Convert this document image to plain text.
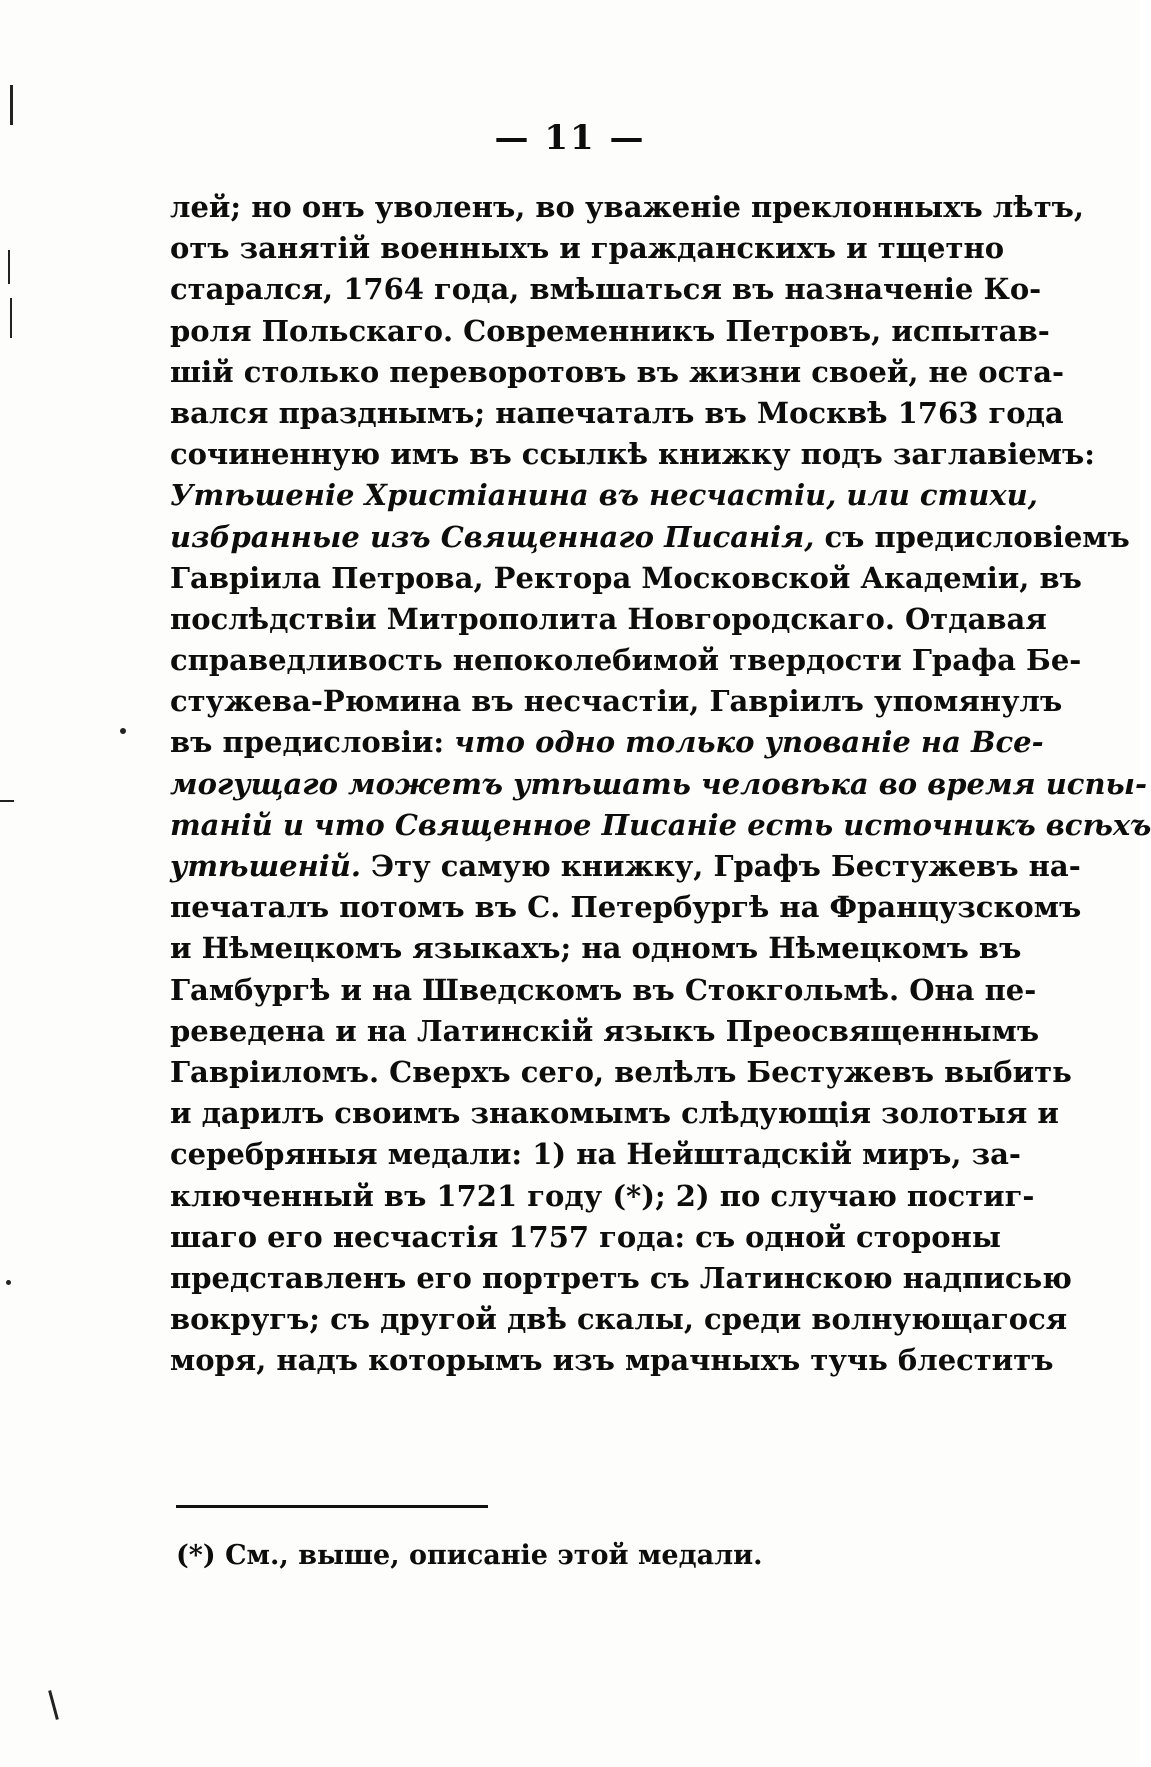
— 11 —
лей; но онъ уволенъ, во уваженіе преклонныхъ лѣтъ,
отъ занятій военныхъ и гражданскихъ и тщетно
старался, 1764 года, вмѣшаться въ назначеніе Ко-
роля Польскаго. Современникъ Петровъ, испытав-
шій столько переворотовъ въ жизни своей, не оста-
вался празднымъ; напечаталъ въ Москвѣ 1763 года
сочиненную имъ въ ссылкѣ книжку подъ заглавіемъ:
Утѣшеніе Христіанина въ несчастіи, или стихи,
избранные изъ Священнаго Писанія, съ предисловіемъ
Гавріила Петрова, Ректора Московской Академіи, въ
послѣдствіи Митрополита Новгородскаго. Отдавая
справедливость непоколебимой твердости Графа Бе-
стужева-Рюмина въ несчастіи, Гавріилъ упомянулъ
въ предисловіи: что одно только упованіе на Все-
могущаго можетъ утѣшать человѣка во время испы-
таній и что Священное Писаніе есть источникъ всѣхъ
утѣшеній. Эту самую книжку, Графъ Бестужевъ на-
печаталъ потомъ въ С. Петербургѣ на Французскомъ
и Нѣмецкомъ языкахъ; на одномъ Нѣмецкомъ въ
Гамбургѣ и на Шведскомъ въ Стокгольмѣ. Она пе-
реведена и на Латинскій языкъ Преосвященнымъ
Гавріиломъ. Сверхъ сего, велѣлъ Бестужевъ выбить
и дарилъ своимъ знакомымъ слѣдующія золотыя и
серебряныя медали: 1) на Нейштадскій миръ, за-
ключенный въ 1721 году (*); 2) по случаю постиг-
шаго его несчастія 1757 года: съ одной стороны
представленъ его портретъ съ Латинскою надписью
вокругъ; съ другой двѣ скалы, среди волнующагося
моря, надъ которымъ изъ мрачныхъ тучь блеститъ
(*) См., выше, описаніе этой медали.
